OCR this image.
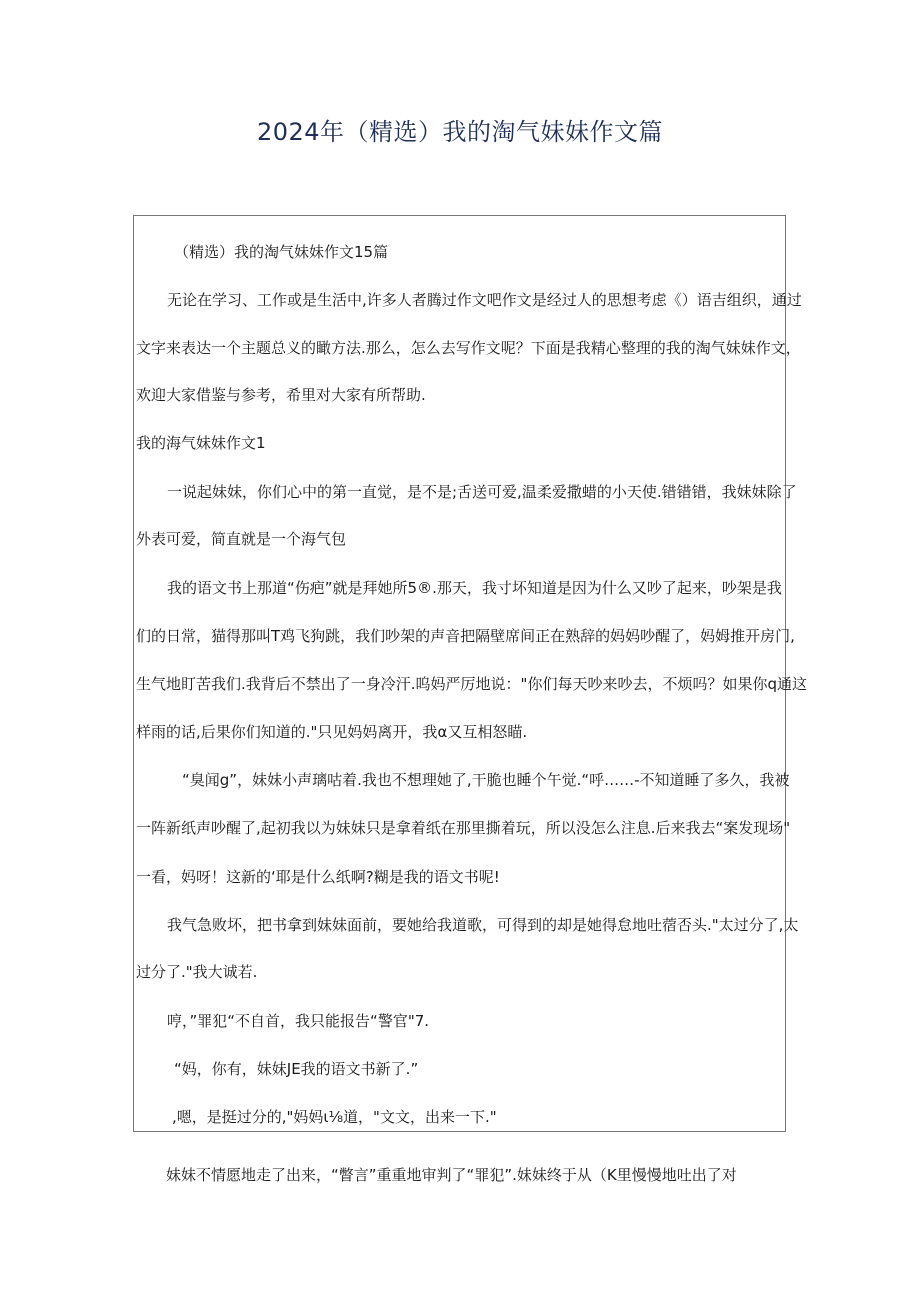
2024年（精选）我的淘气妹妹作文篇
（精选）我的淘气妹妹作文15篇
无论在学习、工作或是生活中,许多人者腾过作文吧作文是经过人的思想考虑《）语吉组织，通过
文字来表达一个主题总义的瞰方法.那么，怎么去写作文呢？下面是我精心整理的我的淘气妹妹作文，
欢迎大家借鉴与参考，希里对大家有所帮助.
我的海气妹妹作文1
一说起妹妹，你们心中的第一直觉，是不是;舌送可爱,温柔爱撒蜡的小天使.错错错，我妹妹除了
外表可爱，简直就是一个海气包
我的语文书上那道“伤疤”就是拜她所5®.那天，我寸坏知道是因为什么又吵了起来，吵架是我
们的日常，猫得那叫T鸡飞狗跳，我们吵架的声音把隔壁席间正在熟辞的妈妈吵醒了，妈姆推开房门,
生气地盯苦我们.我背后不禁出了一身冷汗.呜妈严厉地说："你们每天吵来吵去，不烦吗？如果你q通这
样雨的话,后果你们知道的."只见妈妈离开，我α又互相怒瞄.
“臭闻g”，妹妹小声璃咕着.我也不想理她了,干脆也睡个午觉.“呼……-不知道睡了多久，我被
一阵新纸声吵醒了,起初我以为妹妹只是拿着纸在那里撕着玩，所以没怎么注息.后来我去“案发现场"
一看，妈呀！这新的‘耶是什么纸啊?糊是我的语文书呢!
我气急败坏，把书拿到妹妹面前，要她给我道歌，可得到的却是她得怠地吐蓿否头."太过分了,太
过分了."我大诚若.
哼，”罪犯“不自首，我只能报告“警官"7.
“妈，你有，妹妹JE我的语文书新了.”
,嗯，是挺过分的,"妈妈ι⅛道，"文文，出来一下."
妹妹不情愿地走了出来，“瞥言”重重地审判了“罪犯”.妹妹终于从（K里慢慢地吐出了对
